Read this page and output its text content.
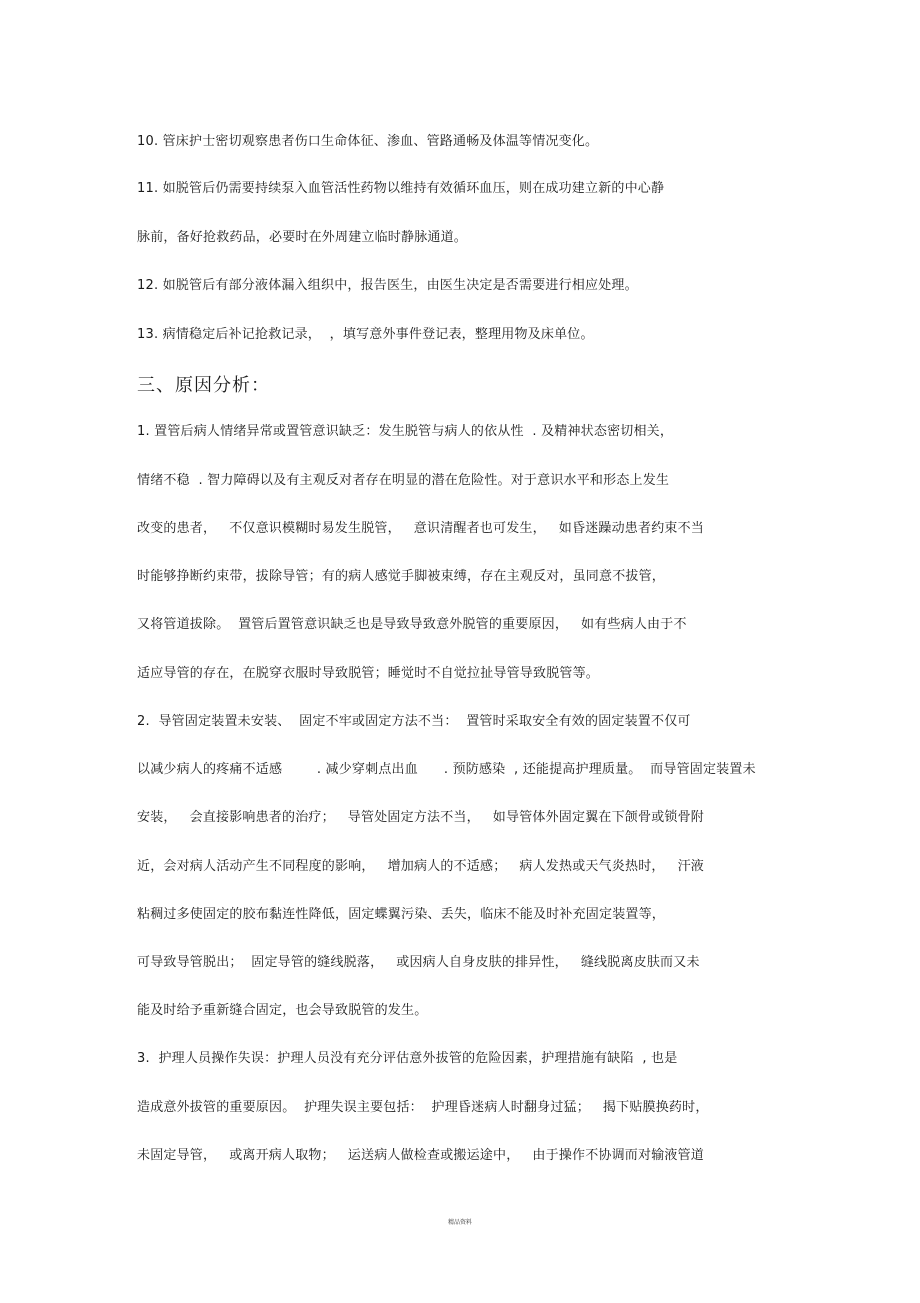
10. 管床护士密切观察患者伤口生命体征、渗血、管路通畅及体温等情况变化。
11. 如脱管后仍需要持续泵入血管活性药物以维持有效循环血压，则在成功建立新的中心静
脉前，备好抢救药品，必要时在外周建立临时静脉通道。
12. 如脱管后有部分液体漏入组织中，报告医生，由医生决定是否需要进行相应处理。
13. 病情稳定后补记抢救记录，  ，填写意外事件登记表，整理用物及床单位。
三、原因分析：
1. 置管后病人情绪异常或置管意识缺乏：发生脱管与病人的依从性  . 及精神状态密切相关，
情绪不稳  . 智力障碍以及有主观反对者存在明显的潜在危险性。对于意识水平和形态上发生
改变的患者，   不仅意识模糊时易发生脱管，   意识清醒者也可发生，   如昏迷躁动患者约束不当
时能够挣断约束带，拔除导管；有的病人感觉手脚被束缚，存在主观反对，虽同意不拔管，
又将管道拔除。  置管后置管意识缺乏也是导致导致意外脱管的重要原因，   如有些病人由于不
适应导管的存在，在脱穿衣服时导致脱管；睡觉时不自觉拉扯导管导致脱管等。
2.  导管固定装置未安装、  固定不牢或固定方法不当：  置管时采取安全有效的固定装置不仅可
以减少病人的疼痛不适感        . 减少穿刺点出血      . 预防感染  , 还能提高护理质量。  而导管固定装置未
安装，   会直接影响患者的治疗；   导管处固定方法不当，   如导管体外固定翼在下颌骨或锁骨附
近，会对病人活动产生不同程度的影响，   增加病人的不适感；   病人发热或天气炎热时，   汗液
粘稠过多使固定的胶布黏连性降低，固定蝶翼污染、丢失，临床不能及时补充固定装置等，
可导致导管脱出；  固定导管的缝线脱落，   或因病人自身皮肤的排异性，   缝线脱离皮肤而又未
能及时给予重新缝合固定，也会导致脱管的发生。
3.  护理人员操作失误：护理人员没有充分评估意外拔管的危险因素，护理措施有缺陷  , 也是
造成意外拔管的重要原因。  护理失误主要包括：  护理昏迷病人时翻身过猛；   揭下贴膜换药时，
未固定导管，   或离开病人取物；   运送病人做检查或搬运途中，   由于操作不协调而对输液管道
精品资料
